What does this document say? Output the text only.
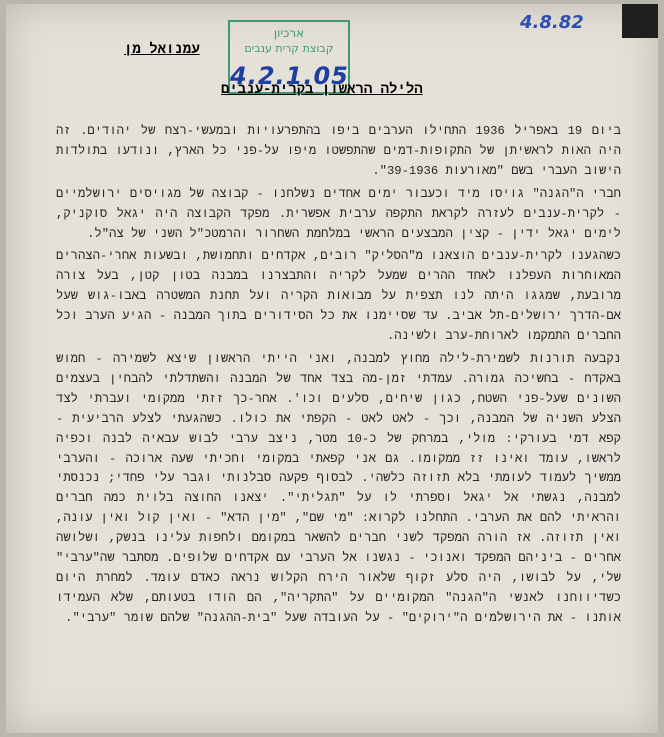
ארכיון
קבוצת קרית ענבים
4.2.1.05
4.8.82
עמנואל מן
הלילה הראשון בקרית-ענבים

ביום 19 באפריל 1936 התחילו הערבים ביפו בהתפרעויות ובמעשי-רצח של יהודים. זה היה האות לראשיתן של התקופות-דמים שהתפשטו מיפו על-פני כל הארץ, ונודעו בתולדות הישוב העברי בשם "מאורעות 39-1936".

חברי ה"הגנה" גויסו מיד וכעבור ימים אחדים נשלחנו - קבוצה של מגויסים ירושלמיים - לקרית-ענבים לעזרה לקראת התקפה ערבית אפשרית. מפקד הקבוצה היה יגאל סוקניק, לימים יגאל ידין - קצין המבצעים הראשי במלחמת השחרור והרמטכ"ל השני של צה"ל.

כשהגענו לקרית-ענבים הוצאנו מ"הסליק" רובים, אקדחים ותחמושת, ובשעות אחרי-הצהרים המאוחרות העפלנו לאחד ההרים שמעל לקריה והתבצרנו במבנה בטון קטן, בעל צורה מרובעת, שמגגו היתה לנו תצפית על מבואות הקריה ועל תחנת המשטרה באבו-גוש שעל אם-הדרך ירושלים-תל אביב. עד שסיימנו את כל הסידורים בתוך המבנה - הגיע הערב וכל החברים התמקמו לארוחת-ערב ולשינה.

נקבעה תורנות לשמירת-לילה מחוץ למבנה, ואני הייתי הראשון שיצא לשמירה - חמוש באקדח - בחשיכה גמורה. עמדתי זמן-מה בצד אחד של המבנה והשתדלתי להבחין בעצמים השונים שעל-פני השטח, כגון שיחים, סלעים וכו'. אחר-כך זזתי ממקומי ועברתי לצד הצלע השניה של המבנה, וכך - לאט לאט - הקפתי את כולו. כשהגעתי לצלע הרביעית - קפא דמי בעורקי: מולי, במרחק של כ-10 מטר, ניצב ערבי לבוש עבאיה לבנה וכפיה לראשו, עומד ואינו זז ממקומו. גם אני קפאתי במקומי וחכיתי שעה ארוכה - והערבי ממשיך לעמוד לעומתי בלא תזוזה כלשהי. לבסוף פקעה סבלנותי וגבר עלי פחדי; נכנסתי למבנה, נגשתי אל יגאל וספרתי לו על "תגליתי". יצאנו החוצה בלוית כמה חברים והראיתי להם את הערבי. התחלנו לקרוא: "מי שם", "מין הדא" - ואין קול ואין עונה, ואין תזוזה. אז הורה המפקד לשני חברים להשאר במקומם ולחפות עלינו בנשק, ושלושה אחרים - ביניהם המפקד ואנוכי - נגשנו אל הערבי עם אקדחים שלופים. מסתבר שה"ערבי" שלי, על לבושו, היה סלע זקוף שלאור הירח הקלוש נראה כאדם עומד. למחרת היום כשדיווחנו לאנשי ה"הגנה" המקומיים על "התקריה", הם הודו בטעותם, שלא העמידו אותנו - את הירושלמים ה"ירוקים" - על העובדה שעל "בית-ההגנה" שלהם שומר "ערבי".
